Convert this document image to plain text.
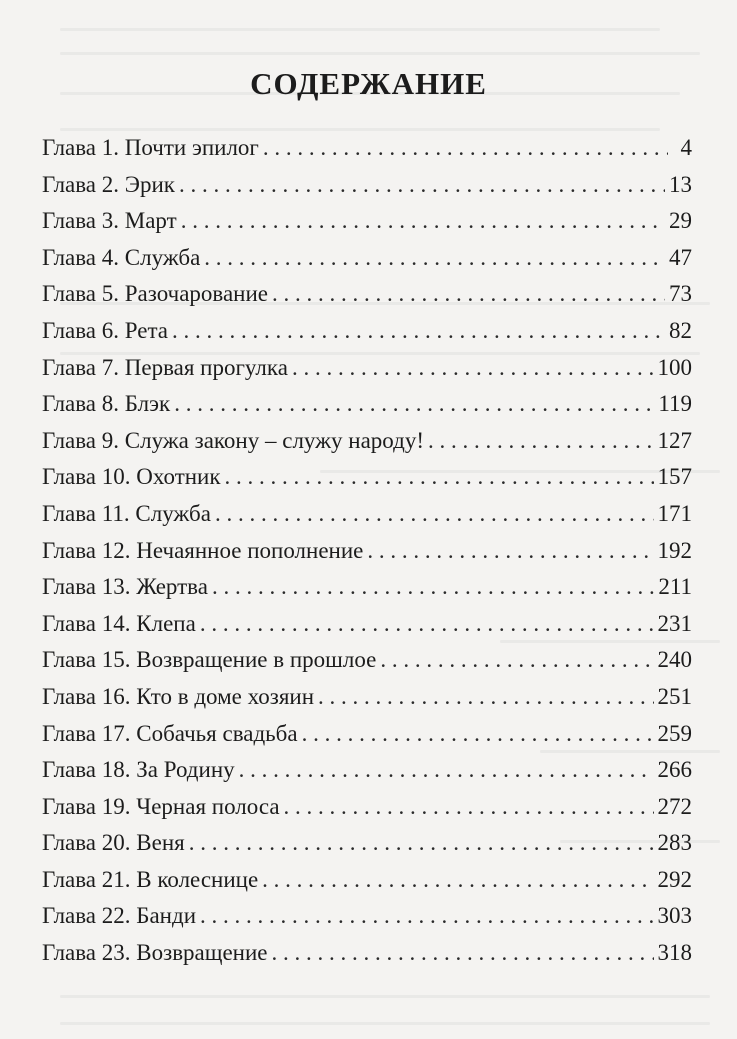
СОДЕРЖАНИЕ
Глава 1. Почти эпилог . . .	4
Глава 2. Эрик . . .	13
Глава 3. Март . . .	29
Глава 4. Служба . . .	47
Глава 5. Разочарование . . .	73
Глава 6. Рета . . .	82
Глава 7. Первая прогулка . . .	100
Глава 8. Блэк . . .	119
Глава 9. Служа закону – служу народу! . . .	127
Глава 10. Охотник . . .	157
Глава 11. Служба . . .	171
Глава 12. Нечаянное пополнение . . .	192
Глава 13. Жертва . . .	211
Глава 14. Клепа . . .	231
Глава 15. Возвращение в прошлое . . .	240
Глава 16. Кто в доме хозяин . . .	251
Глава 17. Собачья свадьба . . .	259
Глава 18. За Родину . . .	266
Глава 19. Черная полоса . . .	272
Глава 20. Веня . . .	283
Глава 21. В колеснице . . .	292
Глава 22. Банди . . .	303
Глава 23. Возвращение . . .	318
